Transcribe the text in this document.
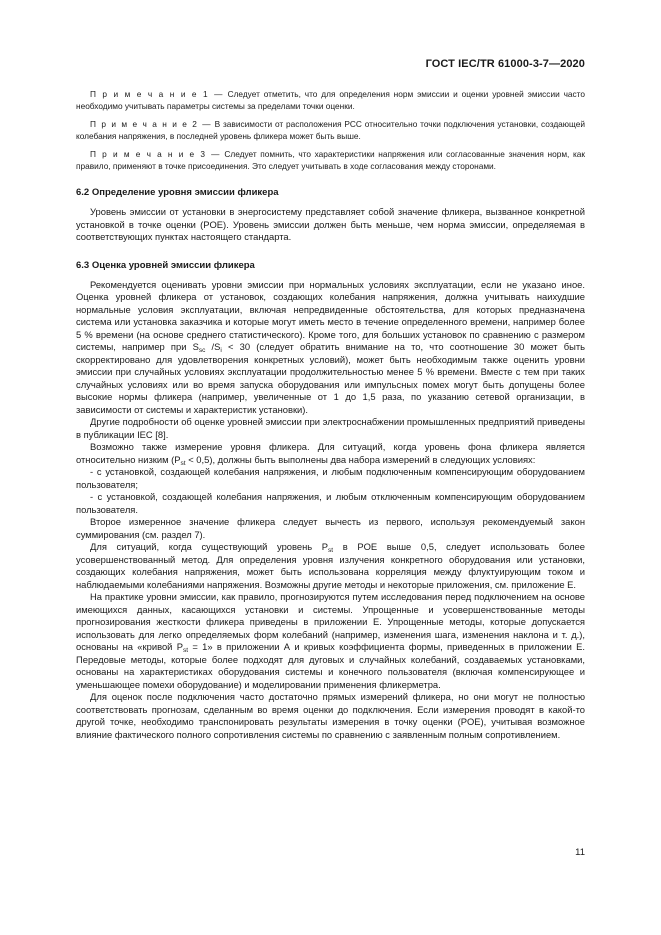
ГОСТ IEC/TR 61000-3-7—2020

П р и м е ч а н и е 1 — Следует отметить, что для определения норм эмиссии и оценки уровней эмиссии часто необходимо учитывать параметры системы за пределами точки оценки.

П р и м е ч а н и е 2 — В зависимости от расположения PCC относительно точки подключения установки, создающей колебания напряжения, в последней уровень фликера может быть выше.

П р и м е ч а н и е 3 — Следует помнить, что характеристики напряжения или согласованные значения норм, как правило, применяют в точке присоединения. Это следует учитывать в ходе согласования между сторонами.

6.2 Определение уровня эмиссии фликера

Уровень эмиссии от установки в энергосистему представляет собой значение фликера, вызванное конкретной установкой в точке оценки (POE). Уровень эмиссии должен быть меньше, чем норма эмиссии, определяемая в соответствующих пунктах настоящего стандарта.

6.3 Оценка уровней эмиссии фликера

Рекомендуется оценивать уровни эмиссии при нормальных условиях эксплуатации, если не указано иное. Оценка уровней фликера от установок, создающих колебания напряжения, должна учитывать наихудшие нормальные условия эксплуатации, включая непредвиденные обстоятельства, для которых предназначена система или установка заказчика и которые могут иметь место в течение определенного времени, например более 5 % времени (на основе среднего статистического). Кроме того, для больших установок по сравнению с размером системы, например при $S_{sc}$ $/S_i < 30$ (следует обратить внимание на то, что соотношение 30 может быть скорректировано для удовлетворения конкретных условий), может быть необходимым также оценить уровни эмиссии при случайных условиях эксплуатации продолжительностью менее 5 % времени. Вместе с тем при таких случайных условиях или во время запуска оборудования или импульсных помех могут быть допущены более высокие нормы фликера (например, увеличенные от 1 до 1,5 раза, по указанию сетевой организации, в зависимости от системы и характеристик установки).

Другие подробности об оценке уровней эмиссии при электроснабжении промышленных предприятий приведены в публикации IEC [8].

Возможно также измерение уровня фликера. Для ситуаций, когда уровень фона фликера является относительно низким $(P_{st} < 0,5)$, должны быть выполнены два набора измерений в следующих условиях:

- с установкой, создающей колебания напряжения, и любым подключенным компенсирующим оборудованием пользователя;

- с установкой, создающей колебания напряжения, и любым отключенным компенсирующим оборудованием пользователя.

Второе измеренное значение фликера следует вычесть из первого, используя рекомендуемый закон суммирования (см. раздел 7).

Для ситуаций, когда существующий уровень $P_{st}$ в POE выше 0,5, следует использовать более усовершенствованный метод. Для определения уровня излучения конкретного оборудования или установки, создающих колебания напряжения, может быть использована корреляция между флуктуирующим током и наблюдаемыми колебаниями напряжения. Возможны другие методы и некоторые приложения, см. приложение Е.

На практике уровни эмиссии, как правило, прогнозируются путем исследования перед подключением на основе имеющихся данных, касающихся установки и системы. Упрощенные и усовершенствованные методы прогнозирования жесткости фликера приведены в приложении Е. Упрощенные методы, которые допускается использовать для легко определяемых форм колебаний (например, изменения шага, изменения наклона и т. д.), основаны на «кривой $P_{st} = 1$» в приложении А и кривых коэффициента формы, приведенных в приложении Е. Передовые методы, которые более подходят для дуговых и случайных колебаний, создаваемых установками, основаны на характеристиках оборудования системы и конечного пользователя (включая компенсирующее и уменьшающее помехи оборудование) и моделировании применения фликерметра.

Для оценок после подключения часто достаточно прямых измерений фликера, но они могут не полностью соответствовать прогнозам, сделанным во время оценки до подключения. Если измерения проводят в какой-то другой точке, необходимо транспонировать результаты измерения в точку оценки (POE), учитывая возможное влияние фактического полного сопротивления системы по сравнению с заявленным полным сопротивлением.

11
